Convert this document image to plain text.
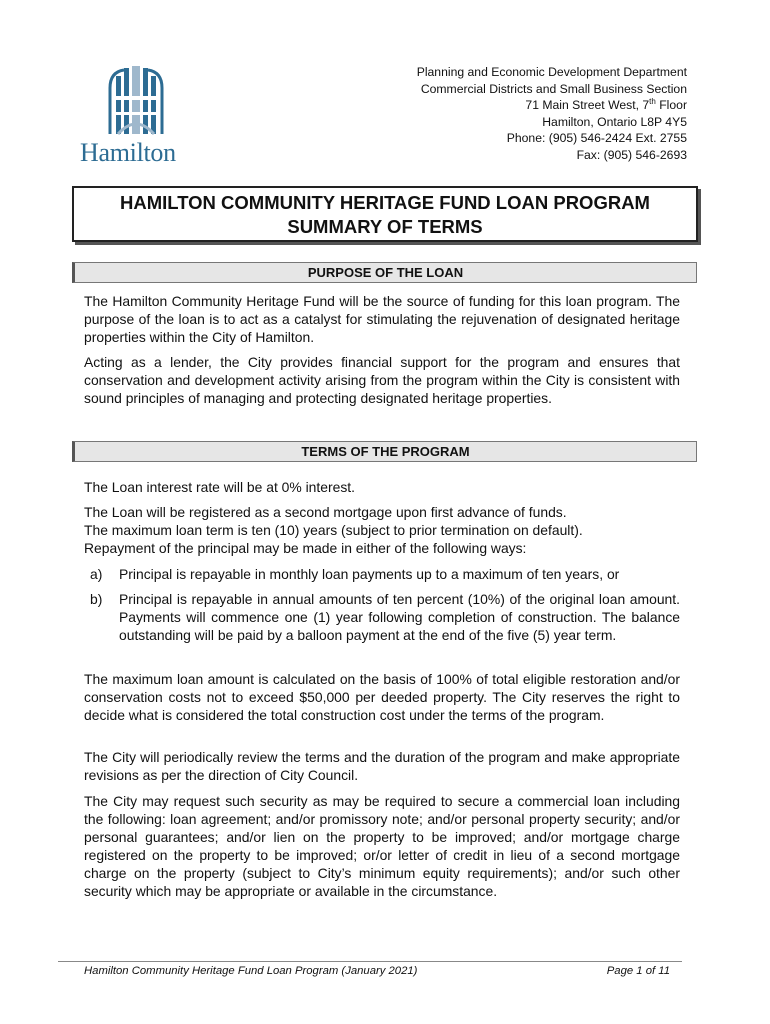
Hamilton
Planning and Economic Development Department
Commercial Districts and Small Business Section
71 Main Street West, 7th Floor
Hamilton, Ontario L8P 4Y5
Phone: (905) 546-2424 Ext. 2755
Fax: (905) 546-2693
HAMILTON COMMUNITY HERITAGE FUND LOAN PROGRAM
SUMMARY OF TERMS
PURPOSE OF THE LOAN
The Hamilton Community Heritage Fund will be the source of funding for this loan program. The purpose of the loan is to act as a catalyst for stimulating the rejuvenation of designated heritage properties within the City of Hamilton.
Acting as a lender, the City provides financial support for the program and ensures that conservation and development activity arising from the program within the City is consistent with sound principles of managing and protecting designated heritage properties.
TERMS OF THE PROGRAM
The Loan interest rate will be at 0% interest.
The Loan will be registered as a second mortgage upon first advance of funds.
The maximum loan term is ten (10) years (subject to prior termination on default).
Repayment of the principal may be made in either of the following ways:
a) Principal is repayable in monthly loan payments up to a maximum of ten years, or
b) Principal is repayable in annual amounts of ten percent (10%) of the original loan amount. Payments will commence one (1) year following completion of construction. The balance outstanding will be paid by a balloon payment at the end of the five (5) year term.
The maximum loan amount is calculated on the basis of 100% of total eligible restoration and/or conservation costs not to exceed $50,000 per deeded property. The City reserves the right to decide what is considered the total construction cost under the terms of the program.
The City will periodically review the terms and the duration of the program and make appropriate revisions as per the direction of City Council.
The City may request such security as may be required to secure a commercial loan including the following: loan agreement; and/or promissory note; and/or personal property security; and/or personal guarantees; and/or lien on the property to be improved; and/or mortgage charge registered on the property to be improved; or/or letter of credit in lieu of a second mortgage charge on the property (subject to City’s minimum equity requirements); and/or such other security which may be appropriate or available in the circumstance.
Hamilton Community Heritage Fund Loan Program (January 2021)	Page 1 of 11
